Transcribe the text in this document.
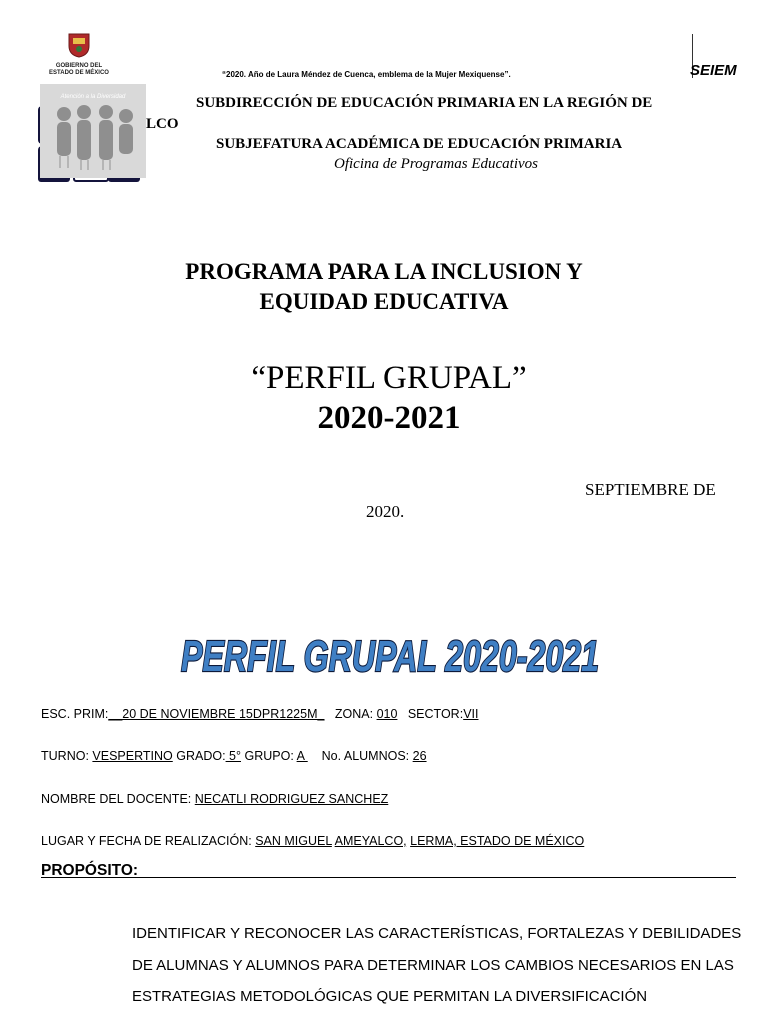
GOBIERNO DEL
ESTADO DE MÉXICO	“2020. Año de Laura Méndez de Cuenca, emblema de la Mujer Mexiquense”.	SEIEM
Atención a la Diversidad
LCO
SUBDIRECCIÓN DE EDUCACIÓN PRIMARIA EN LA REGIÓN DE
SUBJEFATURA ACADÉMICA DE EDUCACIÓN PRIMARIA
Oficina de Programas Educativos
PROGRAMA PARA LA INCLUSION Y
EQUIDAD EDUCATIVA
“PERFIL GRUPAL”
2020-2021
SEPTIEMBRE DE
2020.
PERFIL GRUPAL 2020-2021
ESC. PRIM:__20 DE NOVIEMBRE 15DPR1225M_ ZONA: 010 SECTOR:VII
TURNO: VESPERTINO GRADO: 5° GRUPO: A     No. ALUMNOS: 26
NOMBRE DEL DOCENTE: NECATLI RODRIGUEZ SANCHEZ
LUGAR Y FECHA DE REALIZACIÓN: SAN MIGUEL AMEYALCO, LERMA, ESTADO DE MÉXICO
PROPÓSITO:
IDENTIFICAR Y RECONOCER LAS CARACTERÍSTICAS, FORTALEZAS Y DEBILIDADES
DE ALUMNAS Y ALUMNOS PARA DETERMINAR LOS CAMBIOS NECESARIOS EN LAS
ESTRATEGIAS METODOLÓGICAS QUE PERMITAN LA DIVERSIFICACIÓN
